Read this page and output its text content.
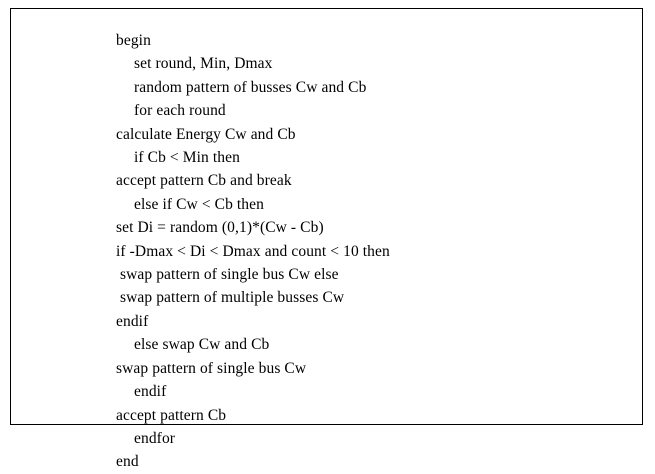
begin
set round, Min, Dmax
random pattern of busses Cw and Cb
for each round
calculate Energy Cw and Cb
if Cb < Min then
accept pattern Cb and break
else if Cw < Cb then
set Di = random (0,1)*(Cw - Cb)
if -Dmax < Di < Dmax and count < 10 then
swap pattern of single bus Cw else
swap pattern of multiple busses Cw
endif
else swap Cw and Cb
swap pattern of single bus Cw
endif
accept pattern Cb
endfor
end
